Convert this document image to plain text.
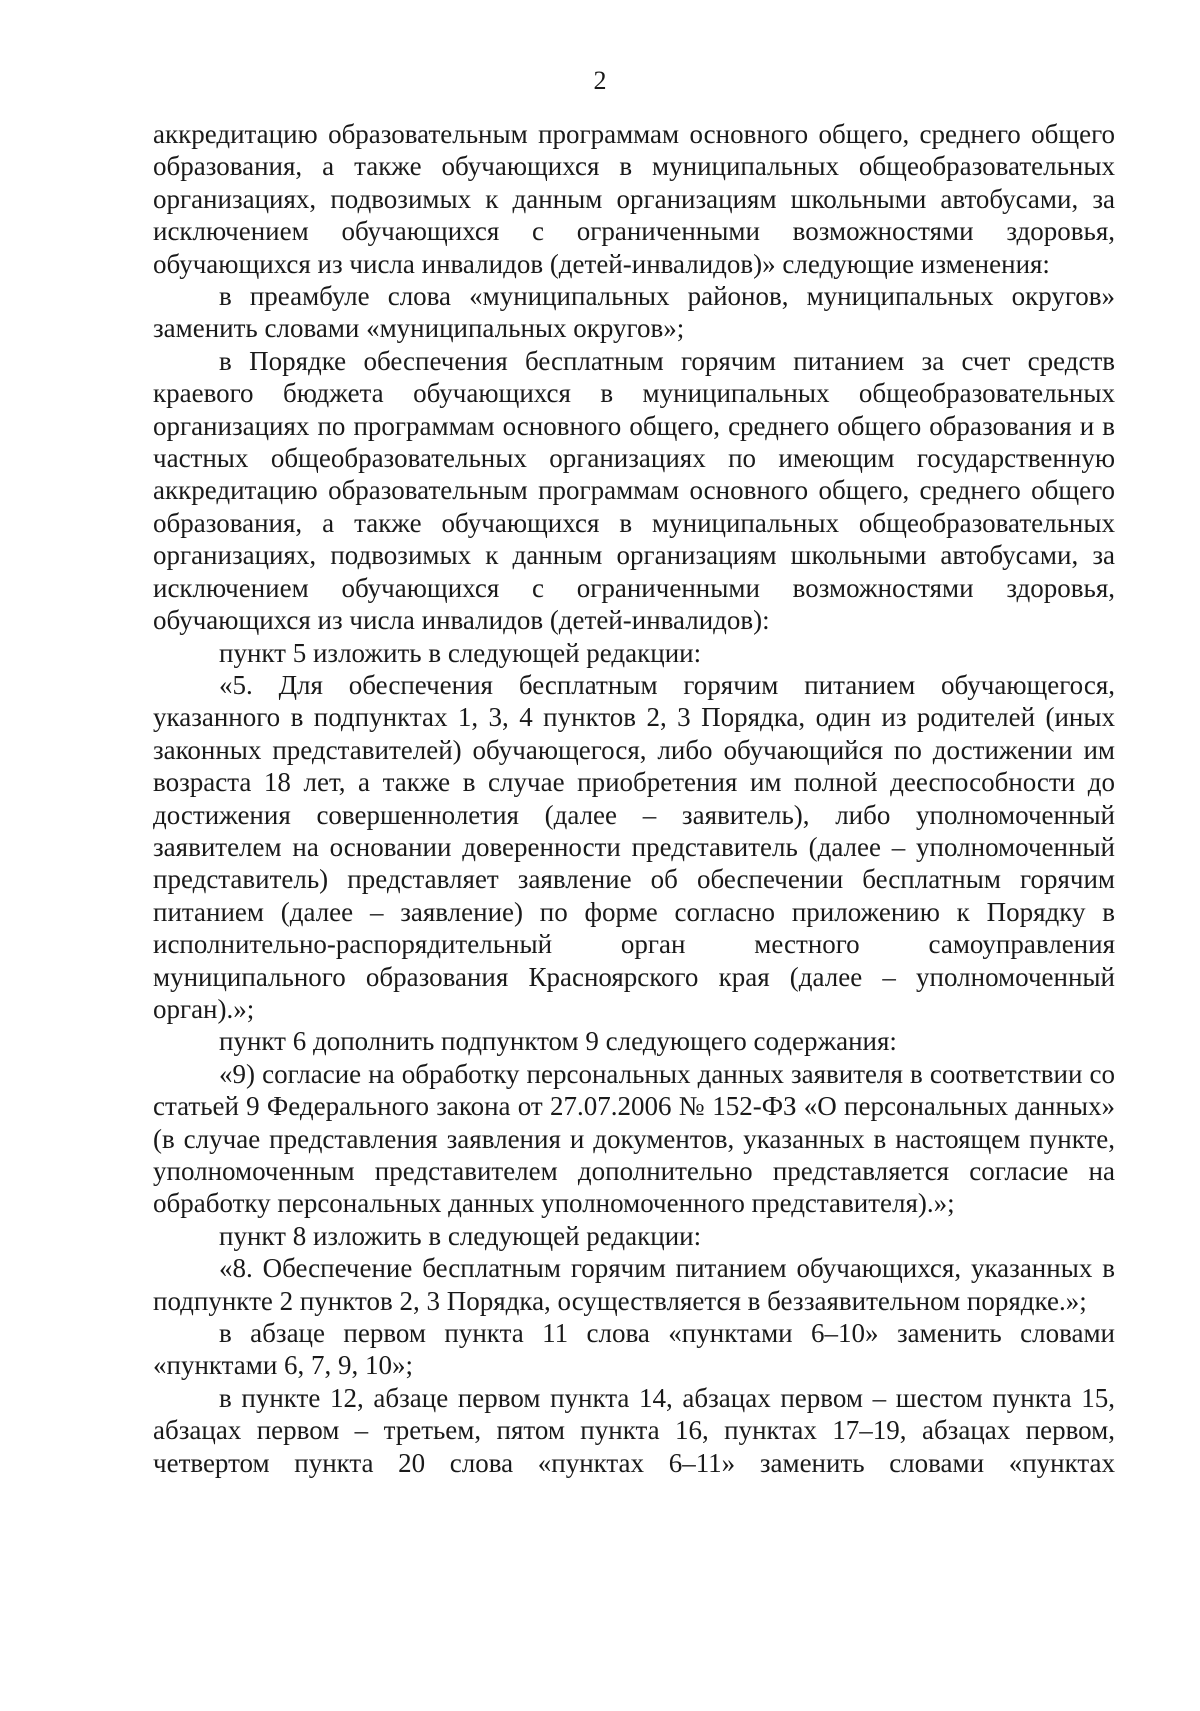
2

аккредитацию образовательным программам основного общего, среднего общего образования, а также обучающихся в муниципальных общеобразовательных организациях, подвозимых к данным организациям школьными автобусами, за исключением обучающихся с ограниченными возможностями здоровья, обучающихся из числа инвалидов (детей-инвалидов)» следующие изменения:

в преамбуле слова «муниципальных районов, муниципальных округов» заменить словами «муниципальных округов»;

в Порядке обеспечения бесплатным горячим питанием за счет средств краевого бюджета обучающихся в муниципальных общеобразовательных организациях по программам основного общего, среднего общего образования и в частных общеобразовательных организациях по имеющим государственную аккредитацию образовательным программам основного общего, среднего общего образования, а также обучающихся в муниципальных общеобразовательных организациях, подвозимых к данным организациям школьными автобусами, за исключением обучающихся с ограниченными возможностями здоровья, обучающихся из числа инвалидов (детей-инвалидов):

пункт 5 изложить в следующей редакции:

«5. Для обеспечения бесплатным горячим питанием обучающегося, указанного в подпунктах 1, 3, 4 пунктов 2, 3 Порядка, один из родителей (иных законных представителей) обучающегося, либо обучающийся по достижении им возраста 18 лет, а также в случае приобретения им полной дееспособности до достижения совершеннолетия (далее – заявитель), либо уполномоченный заявителем на основании доверенности представитель (далее – уполномоченный представитель) представляет заявление об обеспечении бесплатным горячим питанием (далее – заявление) по форме согласно приложению к Порядку в исполнительно-распорядительный орган местного самоуправления муниципального образования Красноярского края (далее – уполномоченный орган).»;

пункт 6 дополнить подпунктом 9 следующего содержания:

«9) согласие на обработку персональных данных заявителя в соответствии со статьей 9 Федерального закона от 27.07.2006 № 152-ФЗ «О персональных данных» (в случае представления заявления и документов, указанных в настоящем пункте, уполномоченным представителем дополнительно представляется согласие на обработку персональных данных уполномоченного представителя).»;

пункт 8 изложить в следующей редакции:

«8. Обеспечение бесплатным горячим питанием обучающихся, указанных в подпункте 2 пунктов 2, 3 Порядка, осуществляется в беззаявительном порядке.»;

в абзаце первом пункта 11 слова «пунктами 6–10» заменить словами «пунктами 6, 7, 9, 10»;

в пункте 12, абзаце первом пункта 14, абзацах первом – шестом пункта 15, абзацах первом – третьем, пятом пункта 16, пунктах 17–19, абзацах первом, четвертом пункта 20 слова «пунктах 6–11» заменить словами «пунктах
